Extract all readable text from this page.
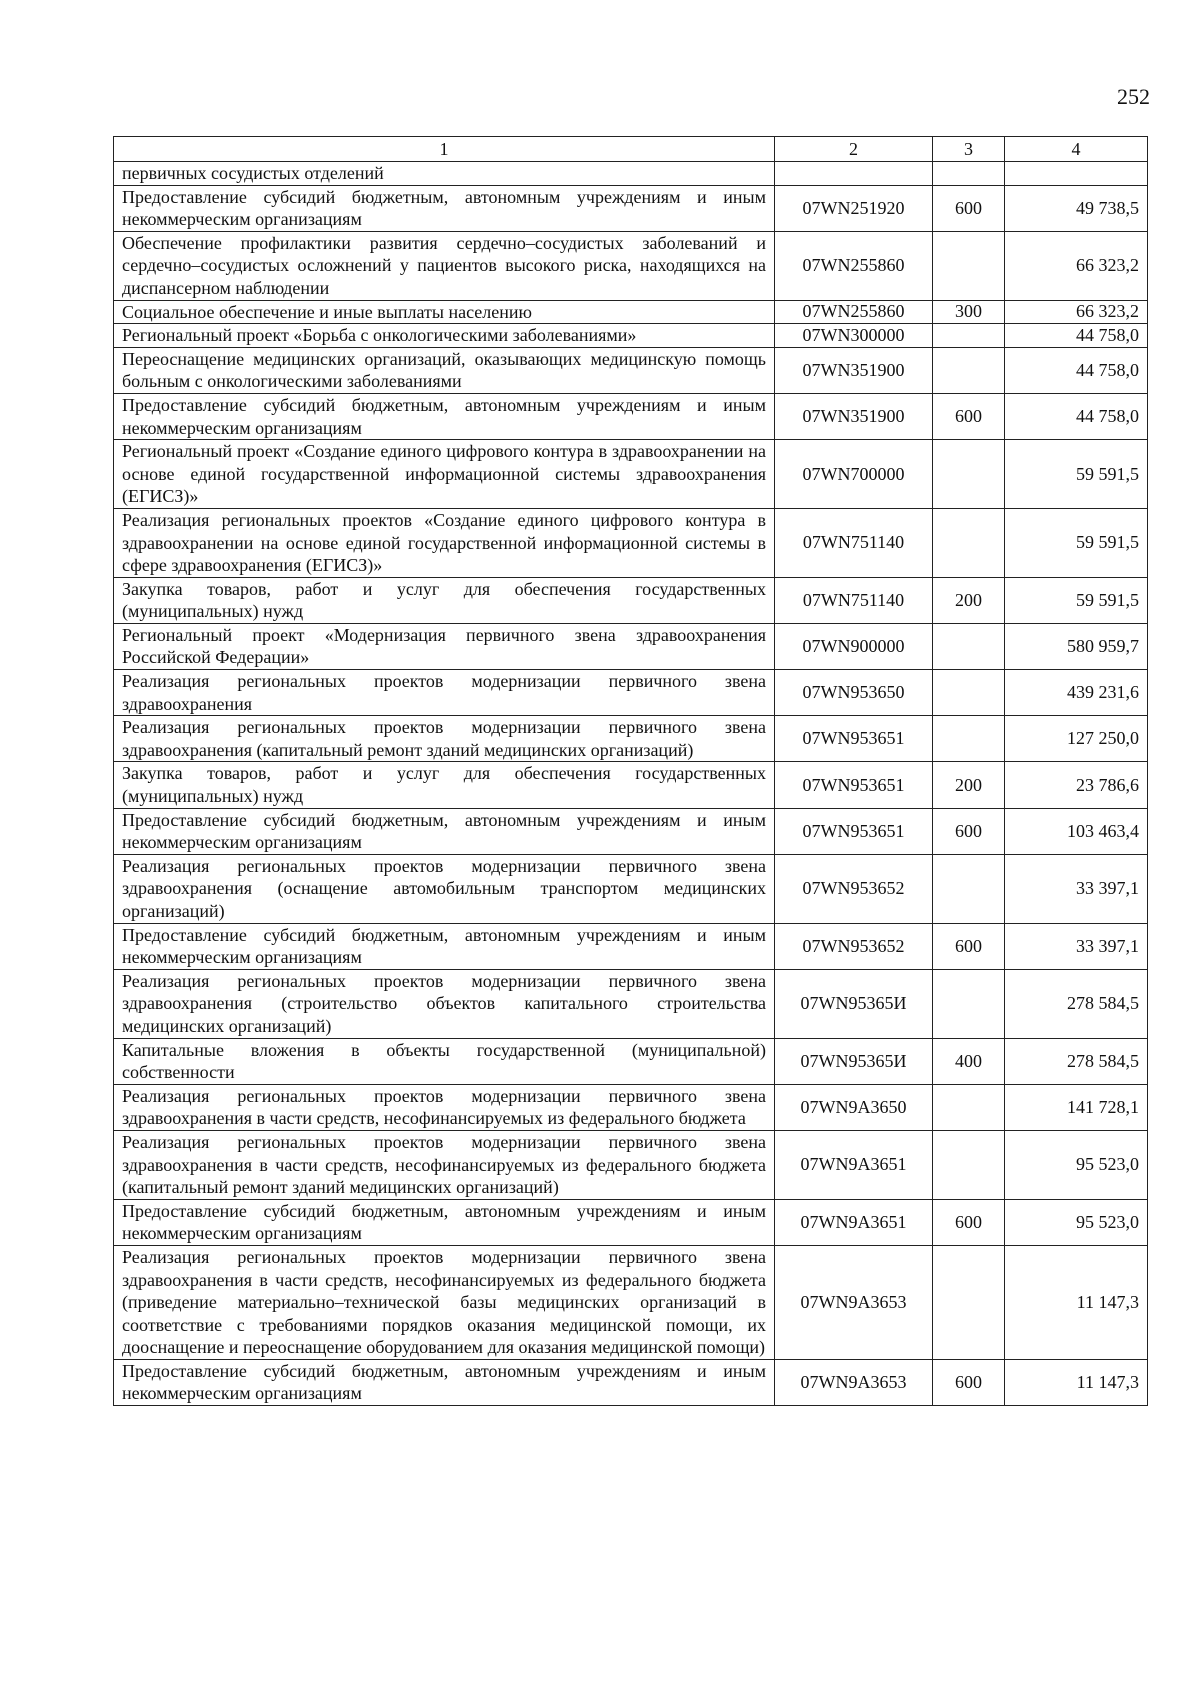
252
1	2	3	4
первичных сосудистых отделений			
Предоставление субсидий бюджетным, автономным учреждениям и иным некоммерческим организациям	07WN251920	600	49 738,5
Обеспечение профилактики развития сердечно–сосудистых заболеваний и сердечно–сосудистых осложнений у пациентов высокого риска, находящихся на диспансерном наблюдении	07WN255860		66 323,2
Социальное обеспечение и иные выплаты населению	07WN255860	300	66 323,2
Региональный проект «Борьба с онкологическими заболеваниями»	07WN300000		44 758,0
Переоснащение медицинских организаций, оказывающих медицинскую помощь больным с онкологическими заболеваниями	07WN351900		44 758,0
Предоставление субсидий бюджетным, автономным учреждениям и иным некоммерческим организациям	07WN351900	600	44 758,0
Региональный проект «Создание единого цифрового контура в здравоохранении на основе единой государственной информационной системы здравоохранения (ЕГИСЗ)»	07WN700000		59 591,5
Реализация региональных проектов «Создание единого цифрового контура в здравоохранении на основе единой государственной информационной системы в сфере здравоохранения (ЕГИСЗ)»	07WN751140		59 591,5
Закупка товаров, работ и услуг для обеспечения государственных (муниципальных) нужд	07WN751140	200	59 591,5
Региональный проект «Модернизация первичного звена здравоохранения Российской Федерации»	07WN900000		580 959,7
Реализация региональных проектов модернизации первичного звена здравоохранения	07WN953650		439 231,6
Реализация региональных проектов модернизации первичного звена здравоохранения (капитальный ремонт зданий медицинских организаций)	07WN953651		127 250,0
Закупка товаров, работ и услуг для обеспечения государственных (муниципальных) нужд	07WN953651	200	23 786,6
Предоставление субсидий бюджетным, автономным учреждениям и иным некоммерческим организациям	07WN953651	600	103 463,4
Реализация региональных проектов модернизации первичного звена здравоохранения (оснащение автомобильным транспортом медицинских организаций)	07WN953652		33 397,1
Предоставление субсидий бюджетным, автономным учреждениям и иным некоммерческим организациям	07WN953652	600	33 397,1
Реализация региональных проектов модернизации первичного звена здравоохранения (строительство объектов капитального строительства медицинских организаций)	07WN95365И		278 584,5
Капитальные вложения в объекты государственной (муниципальной) собственности	07WN95365И	400	278 584,5
Реализация региональных проектов модернизации первичного звена здравоохранения в части средств, несофинансируемых из федерального бюджета	07WN9A3650		141 728,1
Реализация региональных проектов модернизации первичного звена здравоохранения в части средств, несофинансируемых из федерального бюджета (капитальный ремонт зданий медицинских организаций)	07WN9A3651		95 523,0
Предоставление субсидий бюджетным, автономным учреждениям и иным некоммерческим организациям	07WN9A3651	600	95 523,0
Реализация региональных проектов модернизации первичного звена здравоохранения в части средств, несофинансируемых из федерального бюджета (приведение материально–технической базы медицинских организаций в соответствие с требованиями порядков оказания медицинской помощи, их дооснащение и переоснащение оборудованием для оказания медицинской помощи)	07WN9A3653		11 147,3
Предоставление субсидий бюджетным, автономным учреждениям и иным некоммерческим организациям	07WN9A3653	600	11 147,3
